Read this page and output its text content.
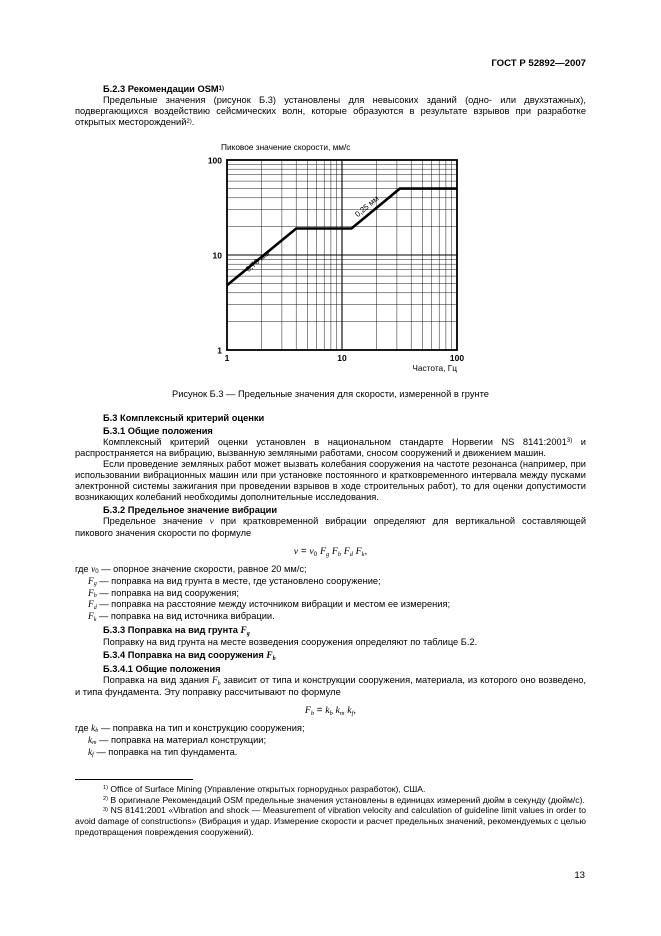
ГОСТ Р 52892—2007

Б.2.3 Рекомендации OSM$^{1)}$

Предельные значения (рисунок Б.3) установлены для невысоких зданий (одно- или двухэтажных), подвергающихся воздействию сейсмических волн, которые образуются в результате взрывов при разработке открытых месторождений$^{2)}$.

Пиковое значение скорости, мм/с
1	10	100
1
10
100
Частота, Гц
0,25 мм
0,76 мм
Рисунок Б.3 — Предельные значения для скорости, измеренной в грунте

Б.3 Комплексный критерий оценки

Б.3.1 Общие положения

Комплексный критерий оценки установлен в национальном стандарте Норвегии NS 8141:2001$^{3)}$ и распространяется на вибрацию, вызванную земляными работами, сносом сооружений и движением машин.

Если проведение земляных работ может вызвать колебания сооружения на частоте резонанса (например, при использовании вибрационных машин или при установке постоянного и кратковременного интервала между пусками электронной системы зажигания при проведении взрывов в ходе строительных работ), то для оценки допустимости возникающих колебаний необходимы дополнительные исследования.

Б.3.2 Предельное значение вибрации

Предельное значение v при кратковременной вибрации определяют для вертикальной составляющей пикового значения скорости по формуле

$v = v_0$ $F_g$ $F_b$ $F_d$ $F_k$,
где $v_0$ — опорное значение скорости, равное 20 мм/с;
$F_g$ — поправка на вид грунта в месте, где установлено сооружение;
$F_b$ — поправка на вид сооружения;
$F_d$ — поправка на расстояние между источником вибрации и местом ее измерения;
$F_k$ — поправка на вид источника вибрации.

Б.3.3 Поправка на вид грунта $F_g$

Поправку на вид грунта на месте возведения сооружения определяют по таблице Б.2.

Б.3.4 Поправка на вид сооружения $F_b$

Б.3.4.1 Общие положения

Поправка на вид здания $F_b$ зависит от типа и конструкции сооружения, материала, из которого оно возведено, и типа фундамента. Эту поправку рассчитывают по формуле

$F_b = k_b$ $k_m$ $k_f$,
где $k_b$ — поправка на тип и конструкцию сооружения;
$k_m$ — поправка на материал конструкции;
$k_f$ — поправка на тип фундамента.

$^{1)}$ Office of Surface Mining (Управление открытых горнорудных разработок), США.

$^{2)}$ В оригинале Рекомендаций OSM предельные значения установлены в единицах измерений дюйм в секунду (дюйм/с).

$^{3)}$ NS 8141:2001 «Vibration and shock — Measurement of vibration velocity and calculation of guideline limit values in order to avoid damage of constructions» (Вибрация и удар. Измерение скорости и расчет предельных значений, рекомендуемых с целью предотвращения повреждения сооружений).

13
